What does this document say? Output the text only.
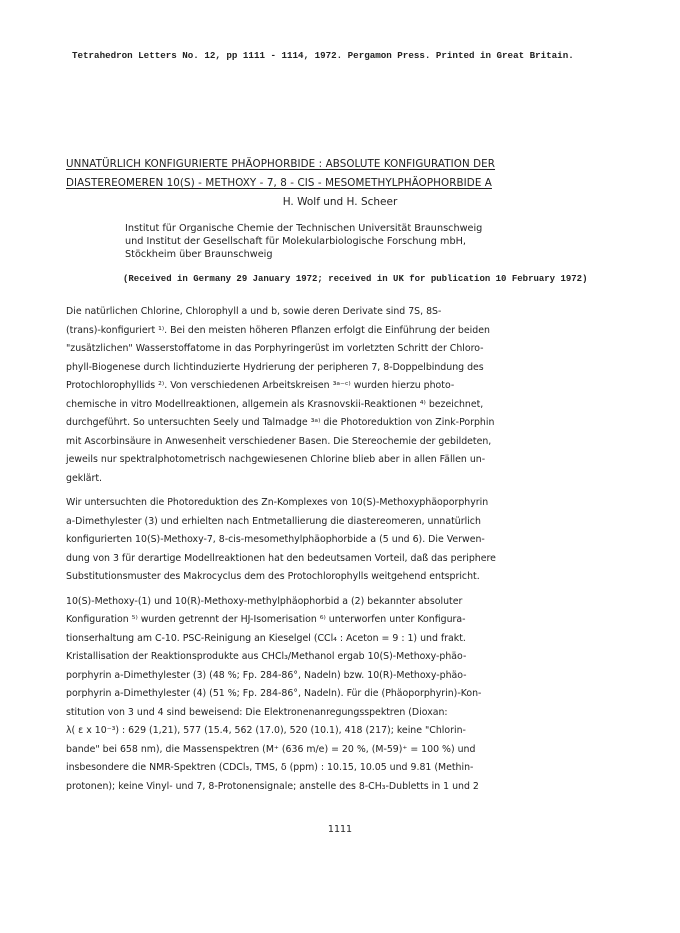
Tetrahedron Letters No. 12, pp 1111 - 1114, 1972. Pergamon Press. Printed in Great Britain.
UNNATÜRLICH KONFIGURIERTE PHÄOPHORBIDE : ABSOLUTE KONFIGURATION DER
DIASTEREOMEREN 10(S) - METHOXY - 7, 8 - CIS - MESOMETHYLPHÄOPHORBIDE A
H. Wolf und H. Scheer
Institut für Organische Chemie der Technischen Universität Braunschweig
und Institut der Gesellschaft für Molekularbiologische Forschung mbH,
Stöckheim über Braunschweig
(Received in Germany 29 January 1972; received in UK for publication 10 February 1972)
Die natürlichen Chlorine, Chlorophyll a und b, sowie deren Derivate sind 7S, 8S-
(trans)-konfiguriert ¹⁾. Bei den meisten höheren Pflanzen erfolgt die Einführung der beiden
"zusätzlichen" Wasserstoffatome in das Porphyringerüst im vorletzten Schritt der Chloro-
phyll-Biogenese durch lichtinduzierte Hydrierung der peripheren 7, 8-Doppelbindung des
Protochlorophyllids ²⁾. Von verschiedenen Arbeitskreisen ³ᵃ⁻ᶜ⁾ wurden hierzu photo-
chemische in vitro Modellreaktionen, allgemein als Krasnovskii-Reaktionen ⁴⁾ bezeichnet,
durchgeführt. So untersuchten Seely und Talmadge ³ᵃ⁾ die Photoreduktion von Zink-Porphin
mit Ascorbinsäure in Anwesenheit verschiedener Basen. Die Stereochemie der gebildeten,
jeweils nur spektralphotometrisch nachgewiesenen Chlorine blieb aber in allen Fällen un-
geklärt.
Wir untersuchten die Photoreduktion des Zn-Komplexes von 10(S)-Methoxyphäoporphyrin
a-Dimethylester (3) und erhielten nach Entmetallierung die diastereomeren, unnatürlich
konfigurierten 10(S)-Methoxy-7, 8-cis-mesomethylphäophorbide a (5 und 6). Die Verwen-
dung von 3 für derartige Modellreaktionen hat den bedeutsamen Vorteil, daß das periphere
Substitutionsmuster des Makrocyclus dem des Protochlorophylls weitgehend entspricht.
10(S)-Methoxy-(1) und 10(R)-Methoxy-methylphäophorbid a (2) bekannter absoluter
Konfiguration ⁵⁾ wurden getrennt der HJ-Isomerisation ⁶⁾ unterworfen unter Konfigura-
tionserhaltung am C-10. PSC-Reinigung an Kieselgel (CCl₄ : Aceton = 9 : 1) und frakt.
Kristallisation der Reaktionsprodukte aus CHCl₃/Methanol ergab 10(S)-Methoxy-phäo-
porphyrin a-Dimethylester (3) (48 %; Fp. 284-86°, Nadeln) bzw. 10(R)-Methoxy-phäo-
porphyrin a-Dimethylester (4) (51 %; Fp. 284-86°, Nadeln). Für die (Phäoporphyrin)-Kon-
stitution von 3 und 4 sind beweisend: Die Elektronenanregungsspektren (Dioxan:
λ( ε x 10⁻³) : 629 (1,21), 577 (15.4, 562 (17.0), 520 (10.1), 418 (217); keine "Chlorin-
bande" bei 658 nm), die Massenspektren (M⁺ (636 m/e) = 20 %, (M-59)⁺ = 100 %) und
insbesondere die NMR-Spektren (CDCl₃, TMS, δ (ppm) : 10.15, 10.05 und 9.81 (Methin-
protonen); keine Vinyl- und 7, 8-Protonensignale; anstelle des 8-CH₃-Dubletts in 1 und 2
1111
